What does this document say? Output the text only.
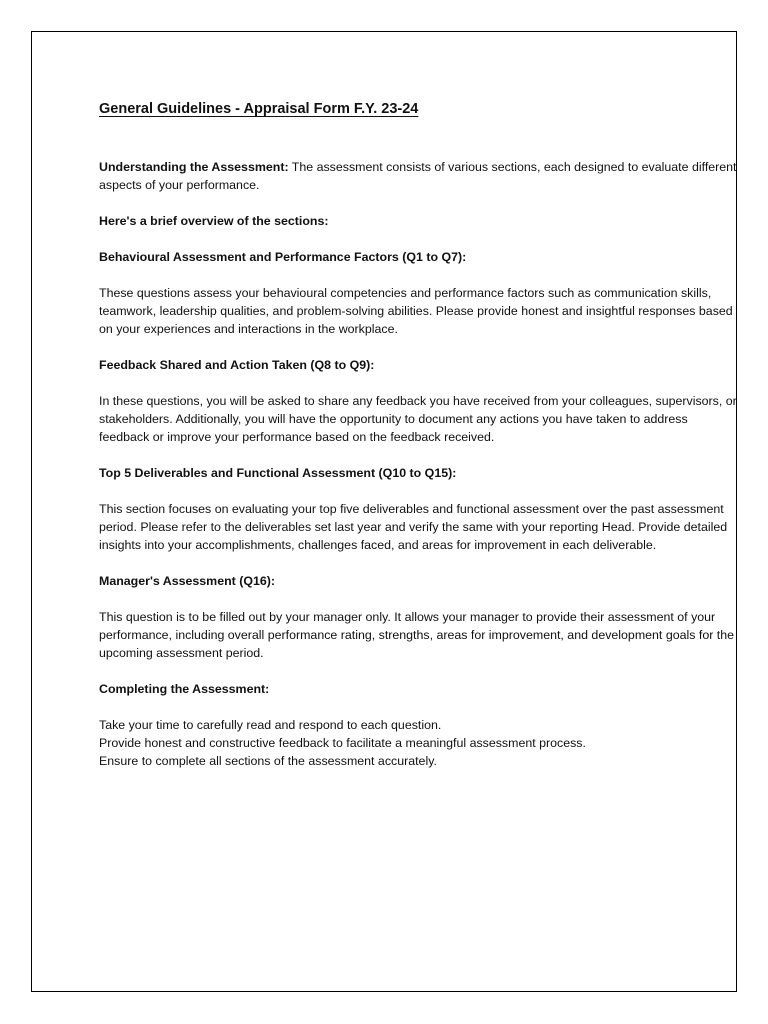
General Guidelines - Appraisal Form F.Y. 23-24

Understanding the Assessment: The assessment consists of various sections, each designed to evaluate different aspects of your performance.

Here's a brief overview of the sections:

Behavioural Assessment and Performance Factors (Q1 to Q7):

These questions assess your behavioural competencies and performance factors such as communication skills, teamwork, leadership qualities, and problem-solving abilities. Please provide honest and insightful responses based on your experiences and interactions in the workplace.

Feedback Shared and Action Taken (Q8 to Q9):

In these questions, you will be asked to share any feedback you have received from your colleagues, supervisors, or stakeholders. Additionally, you will have the opportunity to document any actions you have taken to address feedback or improve your performance based on the feedback received.

Top 5 Deliverables and Functional Assessment (Q10 to Q15):

This section focuses on evaluating your top five deliverables and functional assessment over the past assessment period. Please refer to the deliverables set last year and verify the same with your reporting Head. Provide detailed insights into your accomplishments, challenges faced, and areas for improvement in each deliverable.

Manager's Assessment (Q16):

This question is to be filled out by your manager only. It allows your manager to provide their assessment of your performance, including overall performance rating, strengths, areas for improvement, and development goals for the upcoming assessment period.

Completing the Assessment:

Take your time to carefully read and respond to each question.

Provide honest and constructive feedback to facilitate a meaningful assessment process.

Ensure to complete all sections of the assessment accurately.
